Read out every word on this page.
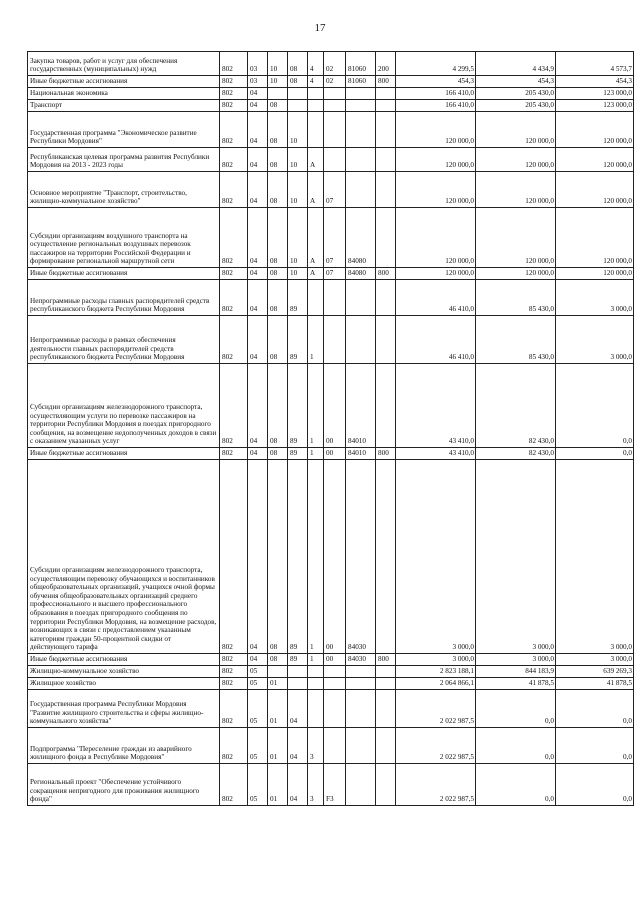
17
Закупка товаров, работ и услуг для обеспечения государственных (муниципальных) нужд	802	03	10	08	4	02	81060	200	4 299,5	4 434,9	4 573,7
Иные бюджетные ассигнования	802	03	10	08	4	02	81060	800	454,3	454,3	454,3
Национальная экономика	802	04							166 410,0	205 430,0	123 000,0
Транспорт	802	04	08						166 410,0	205 430,0	123 000,0
Государственная программа "Экономическое развитие Республики Мордовия"	802	04	08	10					120 000,0	120 000,0	120 000,0
Республиканская целевая программа развития Республики Мордовия на 2013 - 2023 годы	802	04	08	10	А				120 000,0	120 000,0	120 000,0
Основное мероприятие "Транспорт, строительство, жилищно-коммунальное хозяйство"	802	04	08	10	А	07			120 000,0	120 000,0	120 000,0
Субсидии организациям воздушного транспорта на осуществление региональных воздушных перевозок пассажиров на территории Российской Федерации и формирование региональной маршрутной сети	802	04	08	10	А	07	84080		120 000,0	120 000,0	120 000,0
Иные бюджетные ассигнования	802	04	08	10	А	07	84080	800	120 000,0	120 000,0	120 000,0
Непрограммные расходы главных распорядителей средств республиканского бюджета Республики Мордовия	802	04	08	89					46 410,0	85 430,0	3 000,0
Непрограммные расходы в рамках обеспечения деятельности главных распорядителей средств республиканского бюджета Республики Мордовия	802	04	08	89	1				46 410,0	85 430,0	3 000,0
Субсидии организациям железнодорожного транспорта, осуществляющим услуги по перевозке пассажиров на территории Республики Мордовия в поездах пригородного сообщения, на возмещение недополученных доходов в связи с оказанием указанных услуг	802	04	08	89	1	00	84010		43 410,0	82 430,0	0,0
Иные бюджетные ассигнования	802	04	08	89	1	00	84010	800	43 410,0	82 430,0	0,0
Субсидии организациям железнодорожного транспорта, осуществляющим перевозку обучающихся и воспитанников общеобразовательных организаций, учащихся очной формы обучения общеобразовательных организаций среднего профессионального и высшего профессионального образования в поездах пригородного сообщения по территории Республики Мордовия, на возмещение расходов, возникающих в связи с предоставлением указанным категориям граждан 50-процентной скидки от действующего тарифа	802	04	08	89	1	00	84030		3 000,0	3 000,0	3 000,0
Иные бюджетные ассигнования	802	04	08	89	1	00	84030	800	3 000,0	3 000,0	3 000,0
Жилищно-коммунальное хозяйство	802	05							2 823 188,1	844 183,9	639 269,3
Жилищное хозяйство	802	05	01						2 064 866,1	41 878,5	41 878,5
Государственная программа Республики Мордовия "Развитие жилищного строительства и сферы жилищно-коммунального хозяйства"	802	05	01	04					2 022 987,5	0,0	0,0
Подпрограмма "Переселение граждан из аварийного жилищного фонда в Республике Мордовия"	802	05	01	04	3				2 022 987,5	0,0	0,0
Региональный проект "Обеспечение устойчивого сокращения непригодного для проживания жилищного фонда"	802	05	01	04	3	F3			2 022 987,5	0,0	0,0
